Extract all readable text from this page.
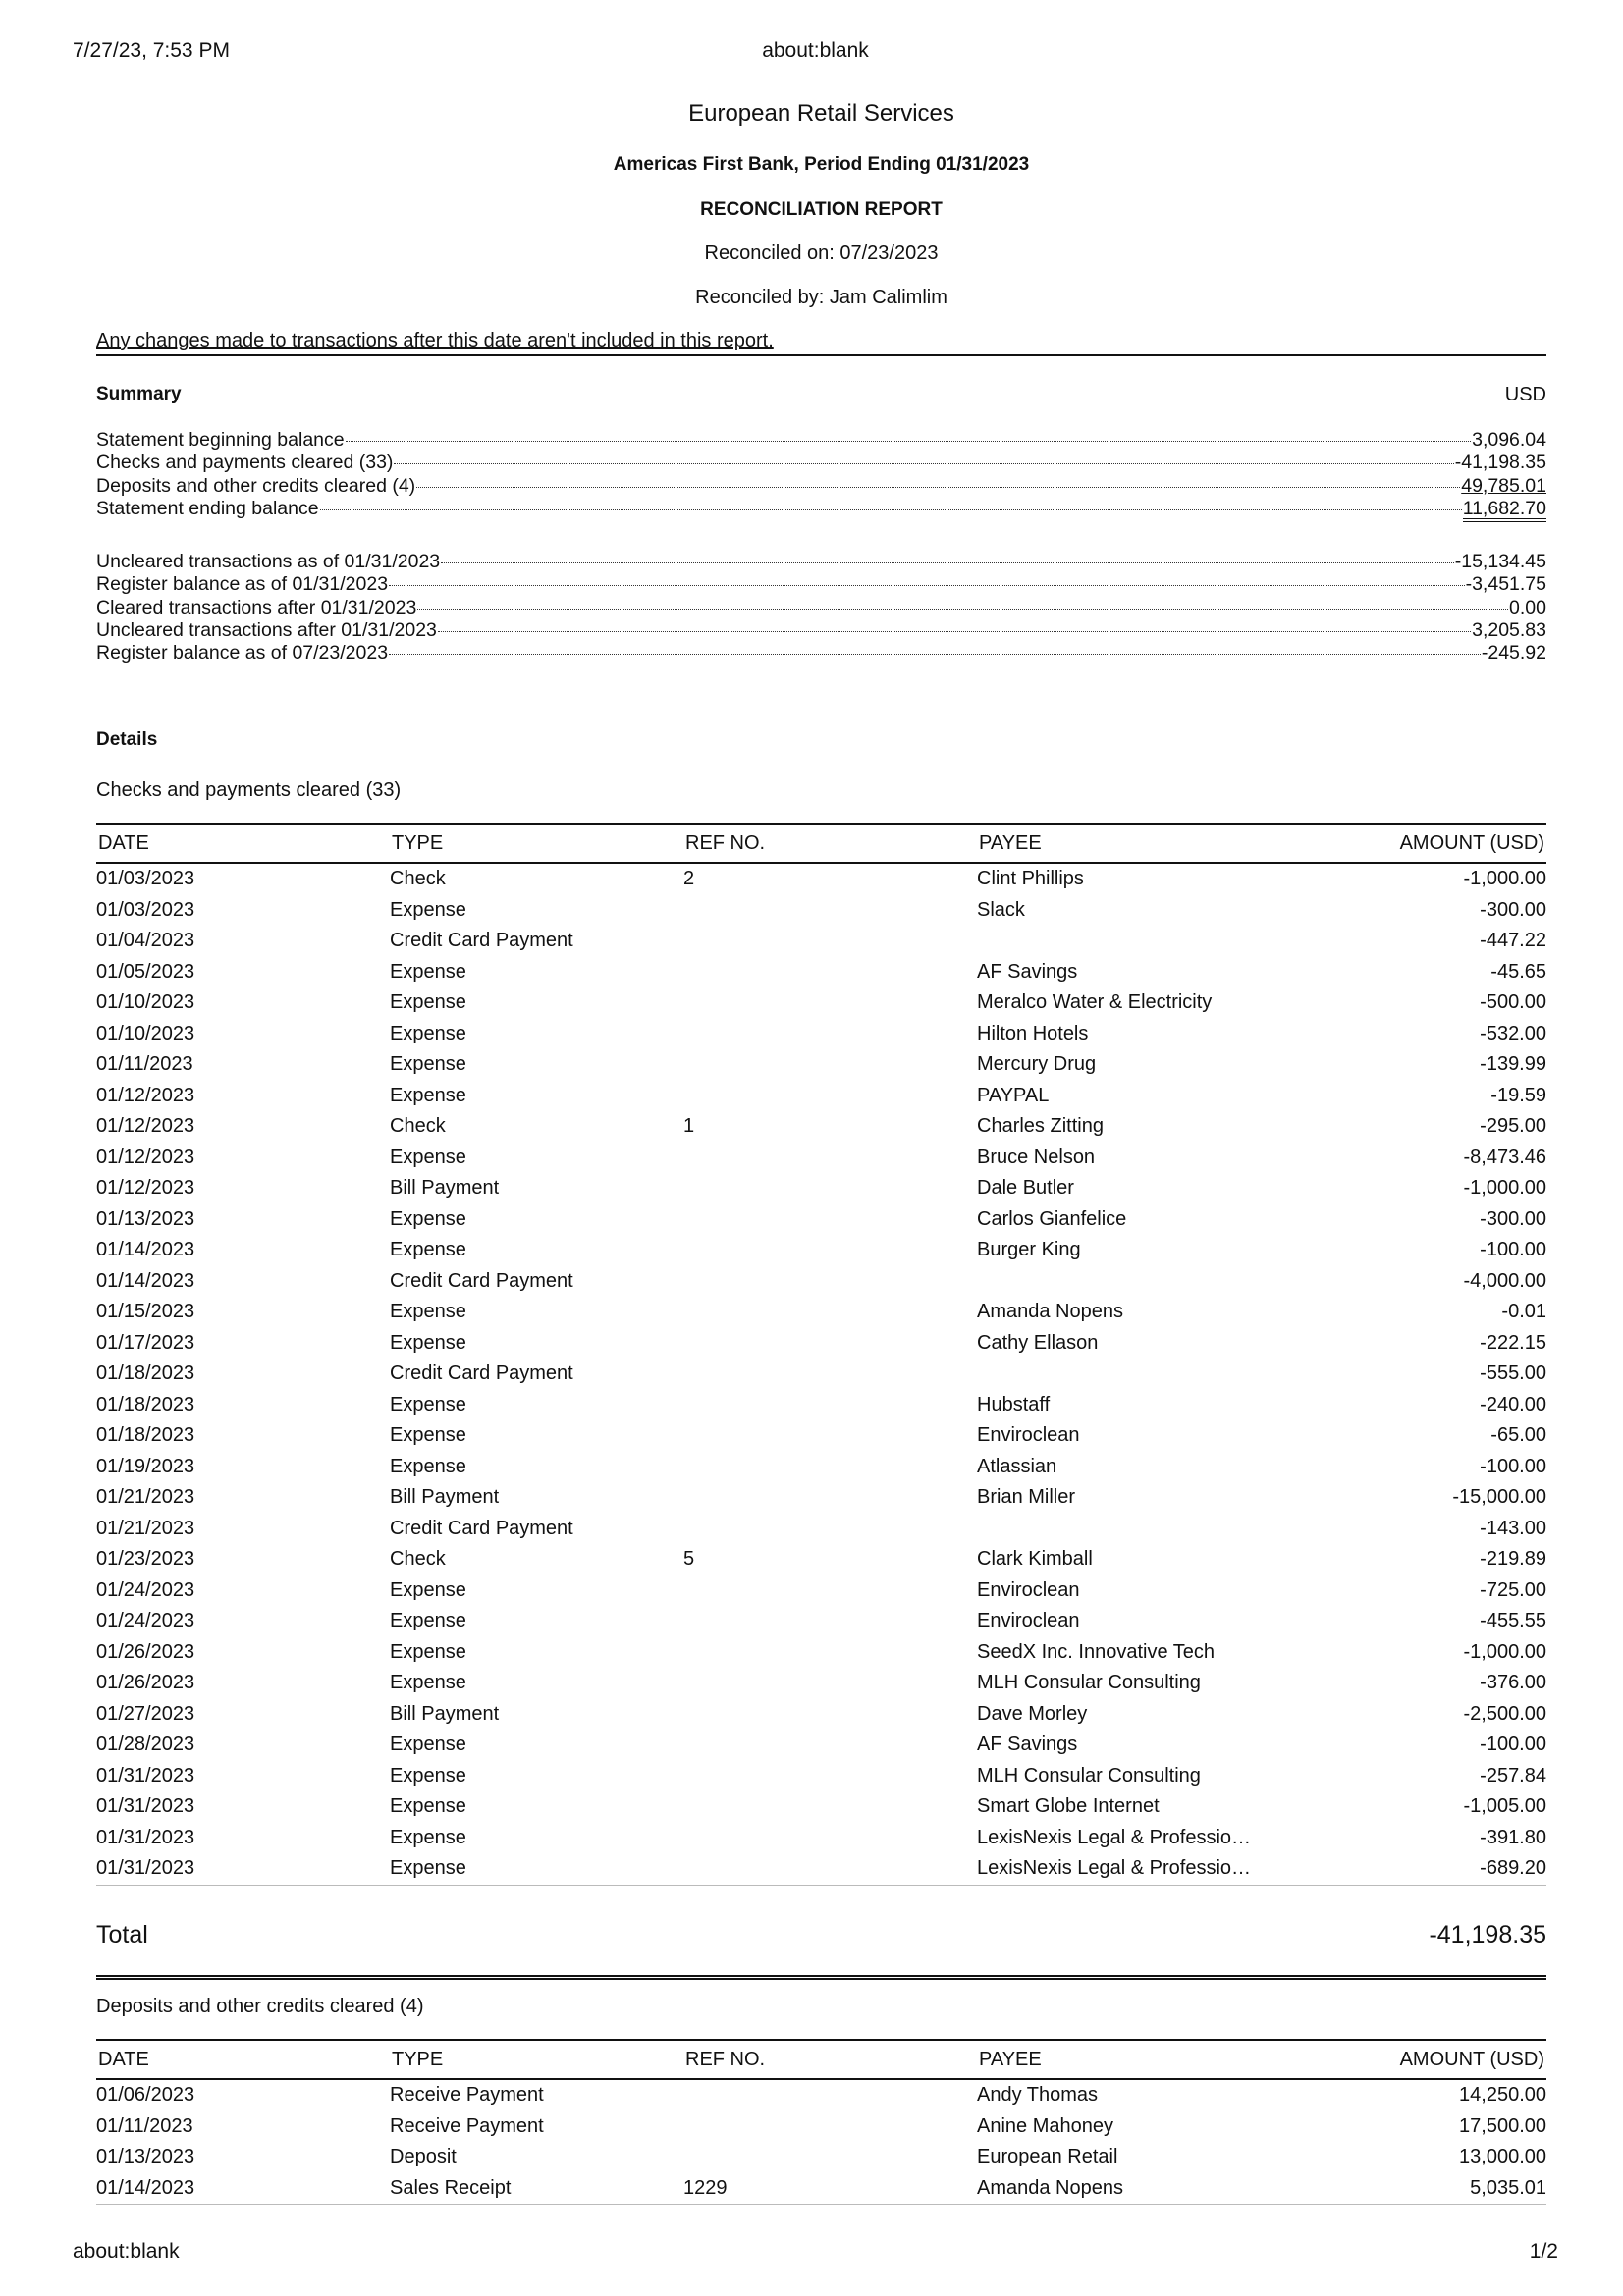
7/27/23, 7:53 PM	about:blank
European Retail Services
Americas First Bank, Period Ending 01/31/2023
RECONCILIATION REPORT
Reconciled on: 07/23/2023
Reconciled by: Jam Calimlim
Any changes made to transactions after this date aren't included in this report.
Summary	USD
Statement beginning balance	3,096.04
Checks and payments cleared (33)	-41,198.35
Deposits and other credits cleared (4)	49,785.01
Statement ending balance	11,682.70
Uncleared transactions as of 01/31/2023	-15,134.45
Register balance as of 01/31/2023	-3,451.75
Cleared transactions after 01/31/2023	0.00
Uncleared transactions after 01/31/2023	3,205.83
Register balance as of 07/23/2023	-245.92
Details
Checks and payments cleared (33)
DATE	TYPE	REF NO.	PAYEE	AMOUNT (USD)
01/03/2023	Check	2	Clint Phillips	-1,000.00
01/03/2023	Expense		Slack	-300.00
01/04/2023	Credit Card Payment			-447.22
01/05/2023	Expense		AF Savings	-45.65
01/10/2023	Expense		Meralco Water & Electricity	-500.00
01/10/2023	Expense		Hilton Hotels	-532.00
01/11/2023	Expense		Mercury Drug	-139.99
01/12/2023	Expense		PAYPAL	-19.59
01/12/2023	Check	1	Charles Zitting	-295.00
01/12/2023	Expense		Bruce Nelson	-8,473.46
01/12/2023	Bill Payment		Dale Butler	-1,000.00
01/13/2023	Expense		Carlos Gianfelice	-300.00
01/14/2023	Expense		Burger King	-100.00
01/14/2023	Credit Card Payment			-4,000.00
01/15/2023	Expense		Amanda Nopens	-0.01
01/17/2023	Expense		Cathy Ellason	-222.15
01/18/2023	Credit Card Payment			-555.00
01/18/2023	Expense		Hubstaff	-240.00
01/18/2023	Expense		Enviroclean	-65.00
01/19/2023	Expense		Atlassian	-100.00
01/21/2023	Bill Payment		Brian Miller	-15,000.00
01/21/2023	Credit Card Payment			-143.00
01/23/2023	Check	5	Clark Kimball	-219.89
01/24/2023	Expense		Enviroclean	-725.00
01/24/2023	Expense		Enviroclean	-455.55
01/26/2023	Expense		SeedX Inc. Innovative Tech	-1,000.00
01/26/2023	Expense		MLH Consular Consulting	-376.00
01/27/2023	Bill Payment		Dave Morley	-2,500.00
01/28/2023	Expense		AF Savings	-100.00
01/31/2023	Expense		MLH Consular Consulting	-257.84
01/31/2023	Expense		Smart Globe Internet	-1,005.00
01/31/2023	Expense		LexisNexis Legal & Professio…	-391.80
01/31/2023	Expense		LexisNexis Legal & Professio…	-689.20
Total	-41,198.35
Deposits and other credits cleared (4)
DATE	TYPE	REF NO.	PAYEE	AMOUNT (USD)
01/06/2023	Receive Payment		Andy Thomas	14,250.00
01/11/2023	Receive Payment		Anine Mahoney	17,500.00
01/13/2023	Deposit		European Retail	13,000.00
01/14/2023	Sales Receipt	1229	Amanda Nopens	5,035.01
about:blank	1/2
